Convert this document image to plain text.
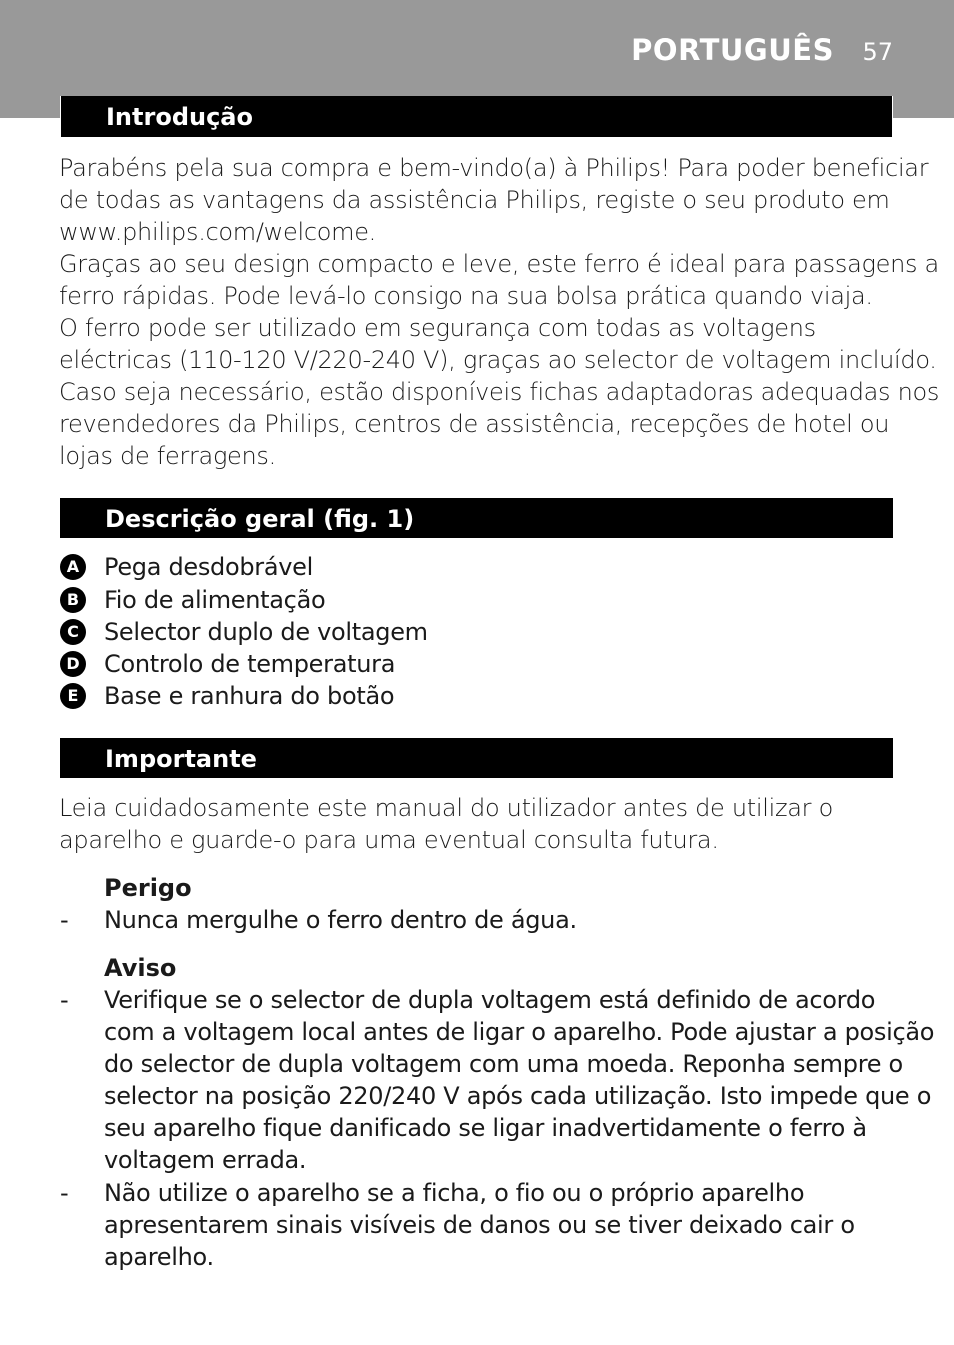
PORTUGUÊS 57
Introdução
Parabéns pela sua compra e bem-vindo(a) à Philips! Para poder beneficiar
de todas as vantagens da assistência Philips, registe o seu produto em
www.philips.com/welcome.
Graças ao seu design compacto e leve, este ferro é ideal para passagens a
ferro rápidas. Pode levá-lo consigo na sua bolsa prática quando viaja.
O ferro pode ser utilizado em segurança com todas as voltagens
eléctricas (110-120 V/220-240 V), graças ao selector de voltagem incluído.
Caso seja necessário, estão disponíveis fichas adaptadoras adequadas nos
revendedores da Philips, centros de assistência, recepções de hotel ou
lojas de ferragens.
Descrição geral (fig. 1)
A Pega desdobrável
B Fio de alimentação
C Selector duplo de voltagem
D Controlo de temperatura
E	Base e ranhura do botão
Importante
Leia cuidadosamente este manual do utilizador antes de utilizar o
aparelho e guarde-o para uma eventual consulta futura.
Perigo
- Nunca mergulhe o ferro dentro de água.
Aviso
- Verifique se o selector de dupla voltagem está definido de acordo
com a voltagem local antes de ligar o aparelho. Pode ajustar a posição
do selector de dupla voltagem com uma moeda. Reponha sempre o
selector na posição 220/240 V após cada utilização. Isto impede que o
seu aparelho fique danificado se ligar inadvertidamente o ferro à
voltagem errada.
- Não utilize o aparelho se a ficha, o fio ou o próprio aparelho
apresentarem sinais visíveis de danos ou se tiver deixado cair o
aparelho.
